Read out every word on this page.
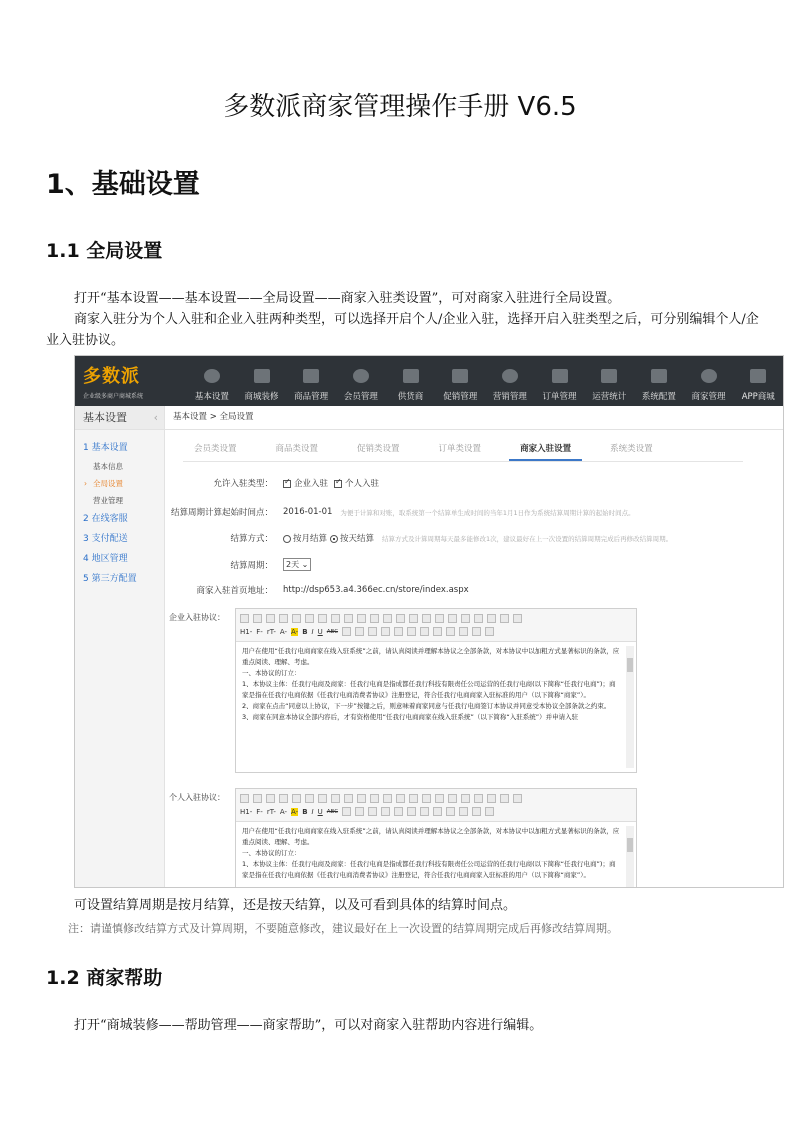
多数派商家管理操作手册 V6.5
1、基础设置
1.1 全局设置
打开“基本设置——基本设置——全局设置——商家入驻类设置”，可对商家入驻进行全局设置。
商家入驻分为个人入驻和企业入驻两种类型，可以选择开启个人/企业入驻，选择开启入驻类型之后，可分别编辑个人/企业入驻协议。
多数派
企业级多商户商城系统	基本设置 商城装修 商品管理 会员管理 供货商 促销管理 营销管理 订单管理 运营统计 系统配置 商家管理 APP商城
基本设置 ‹
1 基本设置
基本信息
› 全局设置
营业管理
2 在线客服
3 支付配送
4 地区管理
5 第三方配置
基本设置 > 全局设置
会员类设置	商品类设置	促销类设置	订单类设置	商家入驻设置	系统类设置
允许入驻类型： ✓	企业入驻 ✓ 个人入驻
结算周期计算起始时间点：	2016-01-01 为便于计算和对账，取系统第一个结算单生成时间的当年1月1日作为系统结算周期计算的起始时间点。
结算方式：	按月结算 按天结算 结算方式及计算周期每天最多能修改1次，建议最好在上一次设置的结算周期完成后再修改结算周期。
结算周期：	2天 ⌄
商家入驻首页地址：	http://dsp653.a4.366ec.cn/store/index.aspx
企业入驻协议：
H1- F- rT- A- A- B I U ABC
用户在使用“任我行电商商家在线入驻系统”之前，请认真阅读并理解本协议之全部条款，对本协议中以加粗方式显著标识的条款，应重点阅读、理解、考虑。
一、本协议的订立：
1、本协议主体：任我行电商及商家：任我行电商是指成都任我行科技有限责任公司运营的任我行电商(以下简称“任我行电商”)；商家是指在任我行电商依据《任我行电商消费者协议》注册登记，符合任我行电商商家入驻标准的用户（以下简称“商家”）。
2、商家在点击“同意以上协议，下一步”按键之后，则意味着商家同意与任我行电商签订本协议并同意受本协议全部条款之约束。
3、商家在同意本协议全部内容后，才有资格使用“任我行电商商家在线入驻系统”（以下简称“入驻系统”）并申请入驻
个人入驻协议：
H1- F- rT- A- A- B I U ABC
用户在使用“任我行电商商家在线入驻系统”之前，请认真阅读并理解本协议之全部条款，对本协议中以加粗方式显著标识的条款，应重点阅读、理解、考虑。
一、本协议的订立：
1、本协议主体：任我行电商及商家：任我行电商是指成都任我行科技有限责任公司运营的任我行电商(以下简称“任我行电商”)；商家是指在任我行电商依据《任我行电商消费者协议》注册登记，符合任我行电商商家入驻标准的用户（以下简称“商家”）。
可设置结算周期是按月结算，还是按天结算，以及可看到具体的结算时间点。
注：请谨慎修改结算方式及计算周期，不要随意修改，建议最好在上一次设置的结算周期完成后再修改结算周期。
1.2 商家帮助
打开“商城装修——帮助管理——商家帮助”，可以对商家入驻帮助内容进行编辑。
